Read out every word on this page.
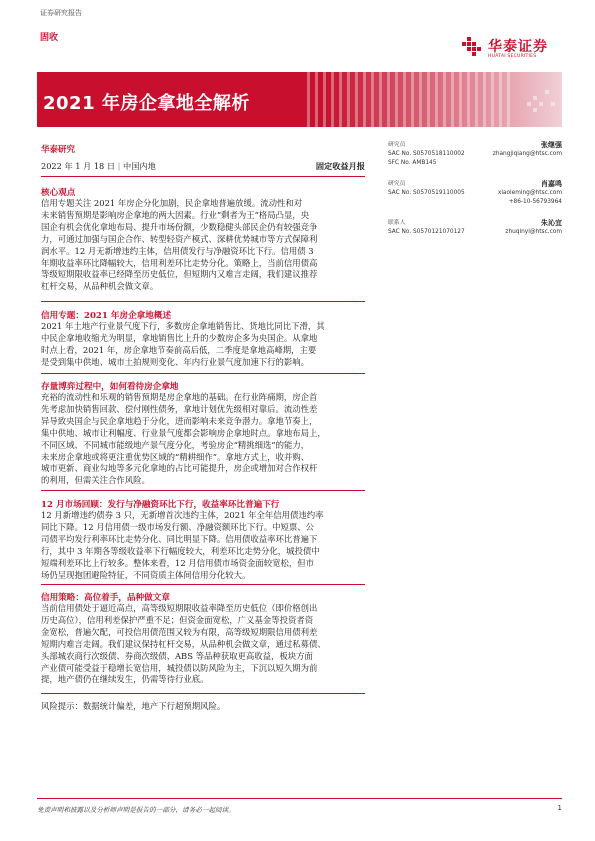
证券研究报告
固收
华泰证券
HUATAI SECURITIES
2021 年房企拿地全解析
华泰研究
2022 年 1 月 18 日 | 中国内地	固定收益月报
研究员	张继强
SAC No. S0570518110002	zhangjiqiang@htsc.com
SFC No. AMB145
研究员	肖嘉鸣
SAC No. S0570519110005	xiaoleming@htsc.com
+86-10-56793964
联系人	朱沁宜
SAC No. S0570121070127	zhuqinyi@htsc.com
核心观点
信用专题关注 2021 年房企分化加剧，民企拿地普遍放缓。流动性和对
未来销售预期是影响房企拿地的两大因素。行业“剩者为王”格局凸显，央
国企有机会优化拿地布局、提升市场份额，少数稳健头部民企仍有较强竞争
力，可通过加强与国企合作、转型轻资产模式、深耕优势城市等方式保障利
润水平。12 月无新增违约主体，信用债发行与净融资环比下行。信用债 3
年期收益率环比降幅较大，信用利差环比走势分化。策略上，当前信用债高
等级短期限收益率已经降至历史低位，但短期内又难言走阔，我们建议推荐
杠杆交易，从品种机会做文章。
信用专题：2021 年房企拿地概述
2021 年土地产行业景气度下行，多数房企拿地销售比、货地比同比下滑，其
中民企拿地收缩尤为明显，拿地销售比上升的少数房企多为央国企。从拿地
时点上看，2021 年，房企拿地节奏前高后低，二季度是拿地高峰期，主要
是受到集中供地、城市土拍规则变化、年内行业景气度加速下行的影响。
存量博弈过程中，如何看待房企拿地
充裕的流动性和乐观的销售预期是房企拿地的基础。在行业阵痛期，房企首
先考虑加快销售回款、偿付刚性债务，拿地计划优先级相对靠后。流动性差
异导致央国企与民企拿地趋于分化，进而影响未来竞争潜力。拿地节奏上，
集中供地、城市让利幅度、行业景气度都会影响房企拿地时点。拿地布局上，
不同区域、不同城市能级地产景气度分化，考验房企“精挑细选”的能力，
未来房企拿地或将更注重优势区域的“精耕细作”。拿地方式上，收并购、
城市更新、商业勾地等多元化拿地的占比可能提升，房企或增加对合作权杆
的利用，但需关注合作风险。
12 月市场回顾：发行与净融资环比下行，收益率环比普遍下行
12 月新增违约债券 3 只，无新增首次违约主体，2021 年全年信用债违约率
同比下降。12 月信用债一级市场发行额、净融资额环比下行。中短票、公
司债平均发行利率环比走势分化、同比明显下降。信用债收益率环比普遍下
行，其中 3 年期各等级收益率下行幅度较大，利差环比走势分化，城投债中
短端利差环比上行较多。整体来看，12 月信用债市场资金面较宽松，但市
场仍呈现抱团避险特征，不同资质主体间信用分化较大。
信用策略：高位着手，品种做文章
当前信用债处于逼近高点，高等级短期限收益率降至历史低位（即价格创出
历史高位），信用利差保护严重不足；但资金面宽松，广义基金等投资者资
金宽松，普遍欠配，可投信用债范围又较为有限，高等级短期限信用债利差
短期内难言走阔。我们建议保持杠杆交易，从品种机会做文章，通过私募债、
头部城农商行次级债、券商次级债、ABS 等品种获取更高收益，板块方面
产业债可能受益于稳增长宽信用，城投债以防风险为主，下沉以短久期为前
提，地产债仍在继续发生，仍需等待行业底。
风险提示：数据统计偏差，地产下行超预期风险。
免责声明和披露以及分析师声明是报告的一部分，请务必一起阅读。	1
